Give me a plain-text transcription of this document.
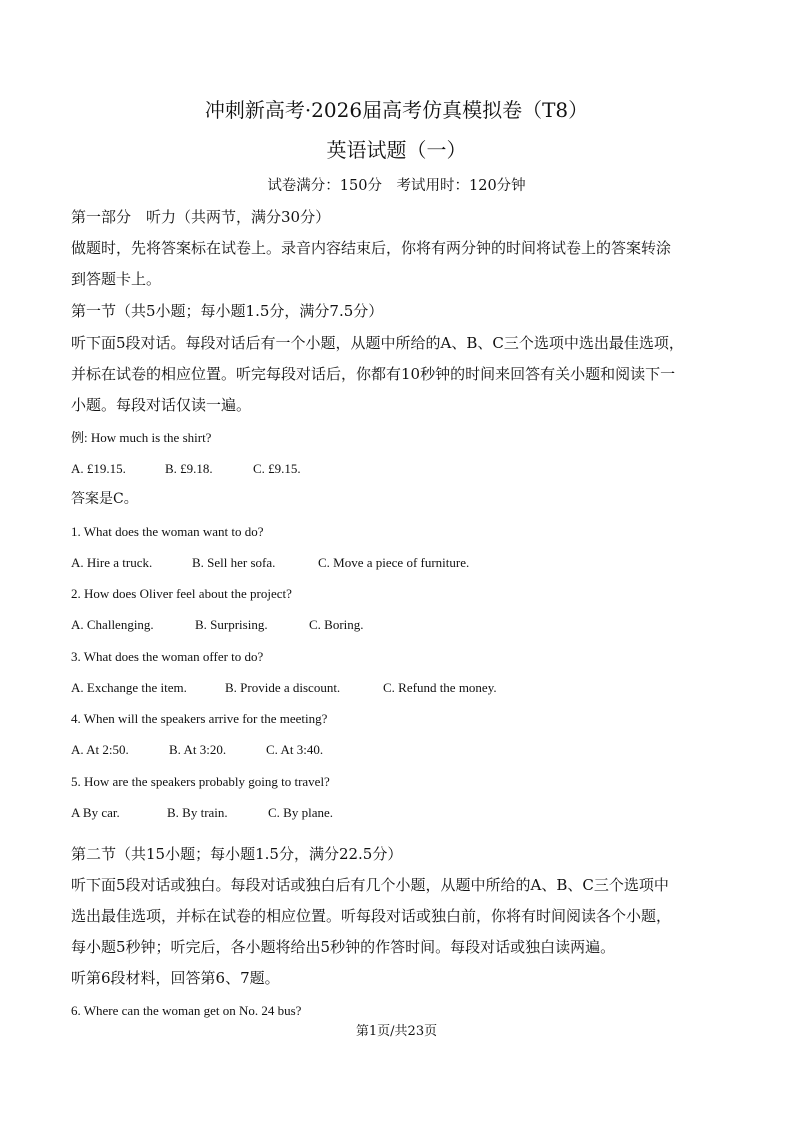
冲刺新高考·2026届高考仿真模拟卷（T8）
英语试题（一）
试卷满分：150分　考试用时：120分钟
第一部分　听力（共两节，满分30分）
做题时，先将答案标在试卷上。录音内容结束后，你将有两分钟的时间将试卷上的答案转涂
到答题卡上。
第一节（共5小题；每小题1.5分，满分7.5分）
听下面5段对话。每段对话后有一个小题，从题中所给的A、B、C三个选项中选出最佳选项，
并标在试卷的相应位置。听完每段对话后，你都有10秒钟的时间来回答有关小题和阅读下一
小题。每段对话仅读一遍。
例: How much is the shirt?
A. £19.15.	B. £9.18.	C. £9.15.
答案是C。
1. What does the woman want to do?
A. Hire a truck.	B. Sell her sofa.	C. Move a piece of furniture.
2. How does Oliver feel about the project?
A. Challenging.	B. Surprising.	C. Boring.
3. What does the woman offer to do?
A. Exchange the item.	B. Provide a discount.	C. Refund the money.
4. When will the speakers arrive for the meeting?
A. At 2:50.	B. At 3:20.	C. At 3:40.
5. How are the speakers probably going to travel?
A By car.	B. By train.	C. By plane.
第二节（共15小题；每小题1.5分，满分22.5分）
听下面5段对话或独白。每段对话或独白后有几个小题，从题中所给的A、B、C三个选项中
选出最佳选项，并标在试卷的相应位置。听每段对话或独白前，你将有时间阅读各个小题，
每小题5秒钟；听完后，各小题将给出5秒钟的作答时间。每段对话或独白读两遍。
听第6段材料，回答第6、7题。
6. Where can the woman get on No. 24 bus?
第1页/共23页
